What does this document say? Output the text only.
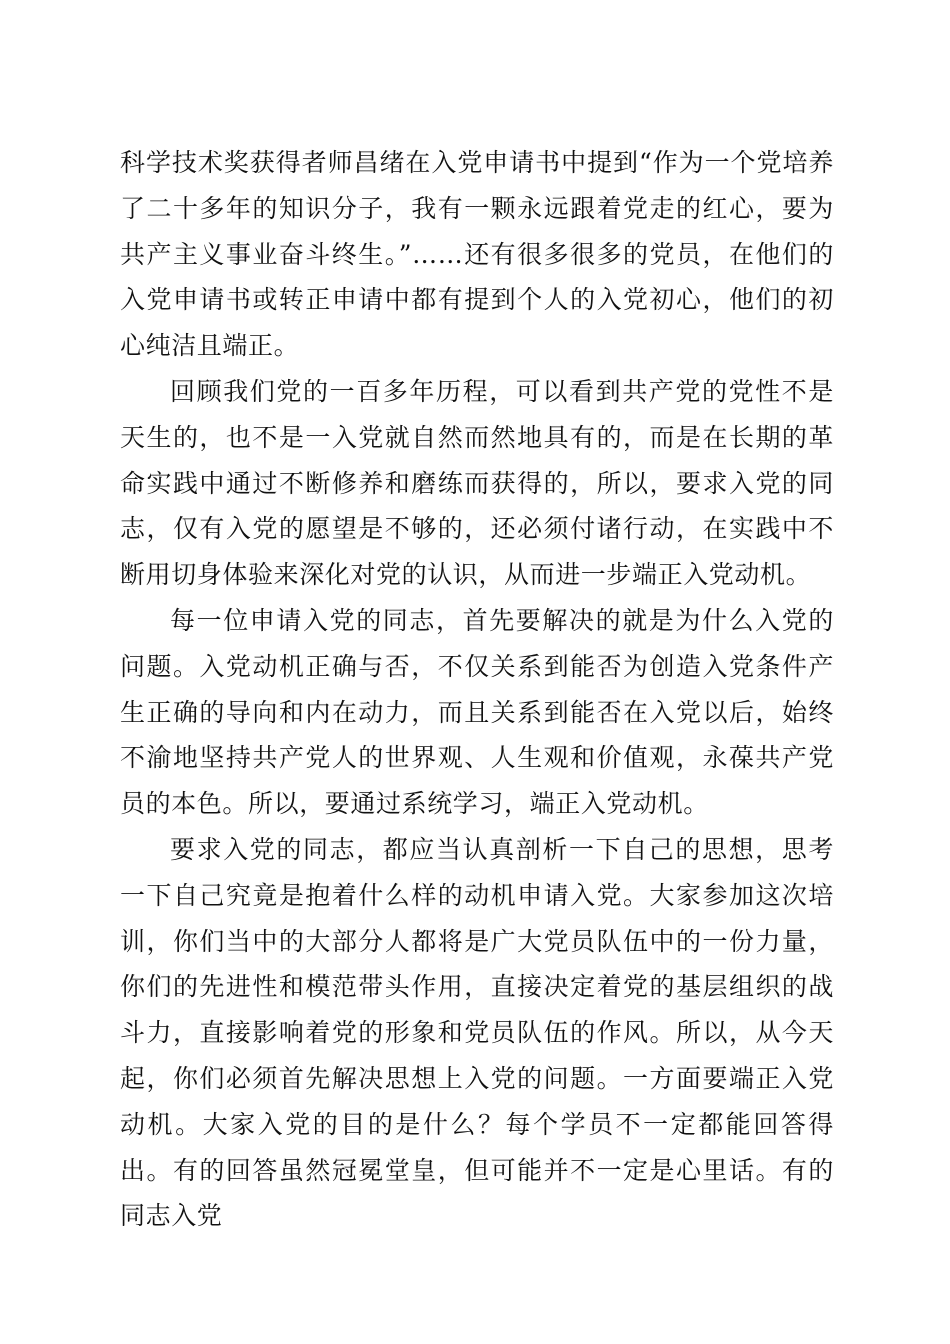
科学技术奖获得者师昌绪在入党申请书中提到“作为一个党培养了二十多年的知识分子，我有一颗永远跟着党走的红心，要为共产主义事业奋斗终生。”……还有很多很多的党员，在他们的入党申请书或转正申请中都有提到个人的入党初心，他们的初心纯洁且端正。

回顾我们党的一百多年历程，可以看到共产党的党性不是天生的，也不是一入党就自然而然地具有的，而是在长期的革命实践中通过不断修养和磨练而获得的，所以，要求入党的同志，仅有入党的愿望是不够的，还必须付诸行动，在实践中不断用切身体验来深化对党的认识，从而进一步端正入党动机。

每一位申请入党的同志，首先要解决的就是为什么入党的问题。入党动机正确与否，不仅关系到能否为创造入党条件产生正确的导向和内在动力，而且关系到能否在入党以后，始终不渝地坚持共产党人的世界观、人生观和价值观，永葆共产党员的本色。所以，要通过系统学习，端正入党动机。

要求入党的同志，都应当认真剖析一下自己的思想，思考一下自己究竟是抱着什么样的动机申请入党。大家参加这次培训，你们当中的大部分人都将是广大党员队伍中的一份力量，你们的先进性和模范带头作用，直接决定着党的基层组织的战斗力，直接影响着党的形象和党员队伍的作风。所以，从今天起，你们必须首先解决思想上入党的问题。一方面要端正入党动机。大家入党的目的是什么？每个学员不一定都能回答得出。有的回答虽然冠冕堂皇，但可能并不一定是心里话。有的同志入党
